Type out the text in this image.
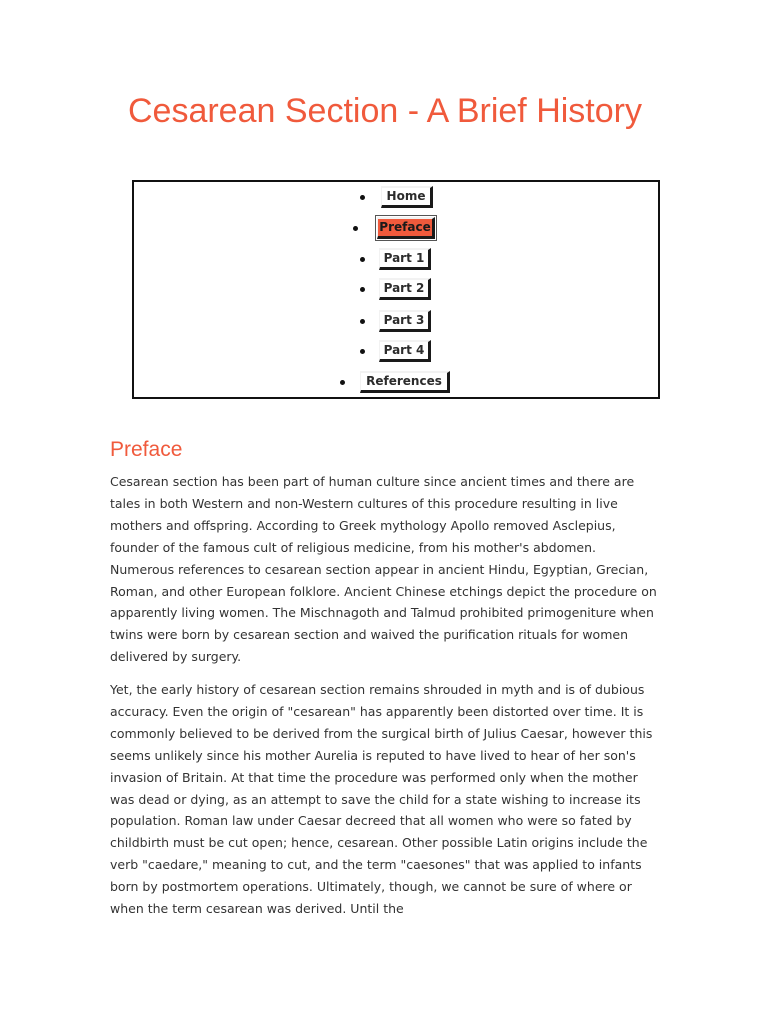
Cesarean Section - A Brief History
Home
Preface
Part 1
Part 2
Part 3
Part 4
References
Preface

Cesarean section has been part of human culture since ancient times and there are tales in both Western and non-Western cultures of this procedure resulting in live mothers and offspring. According to Greek mythology Apollo removed Asclepius, founder of the famous cult of religious medicine, from his mother's abdomen. Numerous references to cesarean section appear in ancient Hindu, Egyptian, Grecian, Roman, and other European folklore. Ancient Chinese etchings depict the procedure on apparently living women. The Mischnagoth and Talmud prohibited primogeniture when twins were born by cesarean section and waived the purification rituals for women delivered by surgery.

Yet, the early history of cesarean section remains shrouded in myth and is of dubious accuracy. Even the origin of "cesarean" has apparently been distorted over time. It is commonly believed to be derived from the surgical birth of Julius Caesar, however this seems unlikely since his mother Aurelia is reputed to have lived to hear of her son's invasion of Britain. At that time the procedure was performed only when the mother was dead or dying, as an attempt to save the child for a state wishing to increase its population. Roman law under Caesar decreed that all women who were so fated by childbirth must be cut open; hence, cesarean. Other possible Latin origins include the verb "caedare," meaning to cut, and the term "caesones" that was applied to infants born by postmortem operations. Ultimately, though, we cannot be sure of where or when the term cesarean was derived. Until the
